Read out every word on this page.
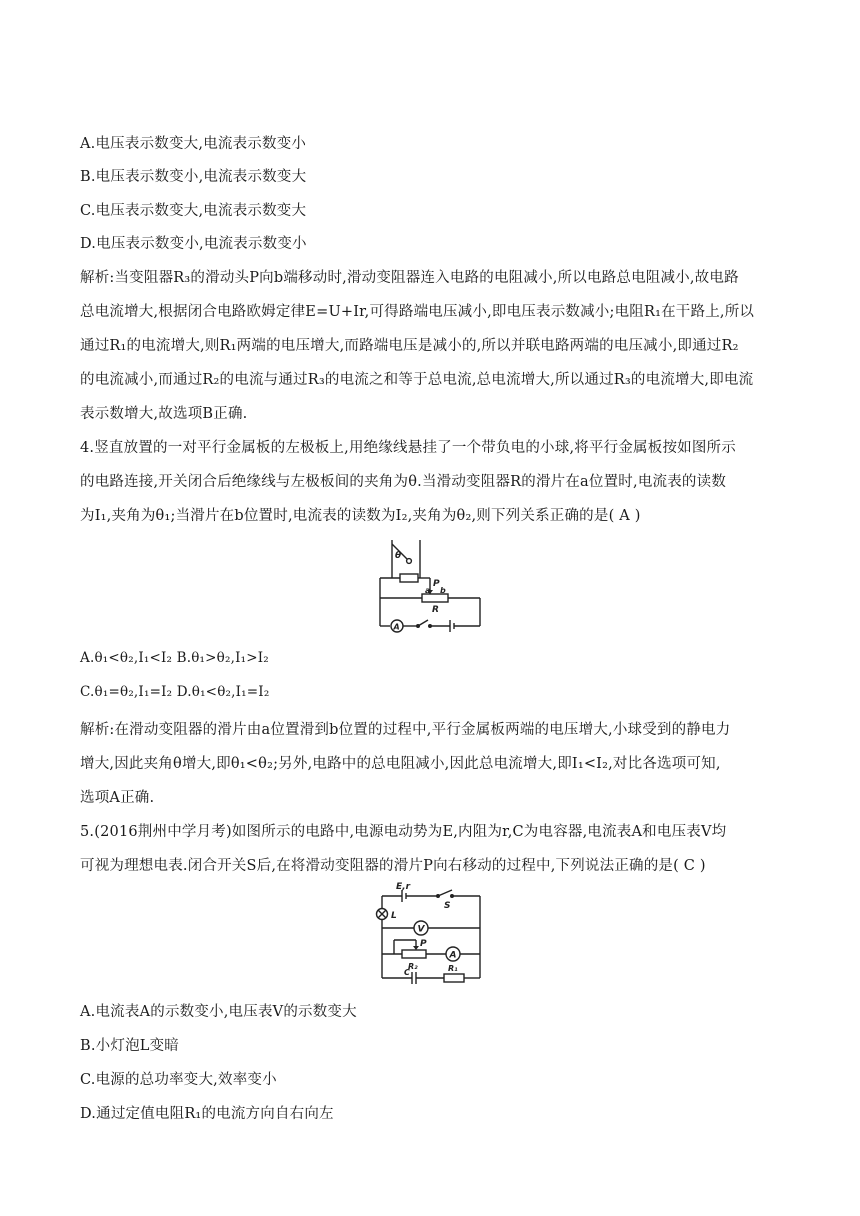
A.电压表示数变大,电流表示数变小
B.电压表示数变小,电流表示数变大
C.电压表示数变大,电流表示数变大
D.电压表示数变小,电流表示数变小
解析:当变阻器R₃的滑动头P向b端移动时,滑动变阻器连入电路的电阻减小,所以电路总电阻减小,故电路
总电流增大,根据闭合电路欧姆定律E=U+Ir,可得路端电压减小,即电压表示数减小;电阻R₁在干路上,所以
通过R₁的电流增大,则R₁两端的电压增大,而路端电压是减小的,所以并联电路两端的电压减小,即通过R₂
的电流减小,而通过R₂的电流与通过R₃的电流之和等于总电流,总电流增大,所以通过R₃的电流增大,即电流
表示数增大,故选项B正确.
4.竖直放置的一对平行金属板的左极板上,用绝缘线悬挂了一个带负电的小球,将平行金属板按如图所示
的电路连接,开关闭合后绝缘线与左极板间的夹角为θ.当滑动变阻器R的滑片在a位置时,电流表的读数
为I₁,夹角为θ₁;当滑片在b位置时,电流表的读数为I₂,夹角为θ₂,则下列关系正确的是( A )
θ
P
a b
R
A
A.θ₁<θ₂,I₁<I₂ B.θ₁>θ₂,I₁>I₂
C.θ₁=θ₂,I₁=I₂ D.θ₁<θ₂,I₁=I₂
解析:在滑动变阻器的滑片由a位置滑到b位置的过程中,平行金属板两端的电压增大,小球受到的静电力
增大,因此夹角θ增大,即θ₁<θ₂;另外,电路中的总电阻减小,因此总电流增大,即I₁<I₂,对比各选项可知,
选项A正确.
5.(2016荆州中学月考)如图所示的电路中,电源电动势为E,内阻为r,C为电容器,电流表A和电压表V均
可视为理想电表.闭合开关S后,在将滑动变阻器的滑片P向右移动的过程中,下列说法正确的是( C )
E,r
S
L
V
P
A
R₂
C	R₁
A.电流表A的示数变小,电压表V的示数变大
B.小灯泡L变暗
C.电源的总功率变大,效率变小
D.通过定值电阻R₁的电流方向自右向左
